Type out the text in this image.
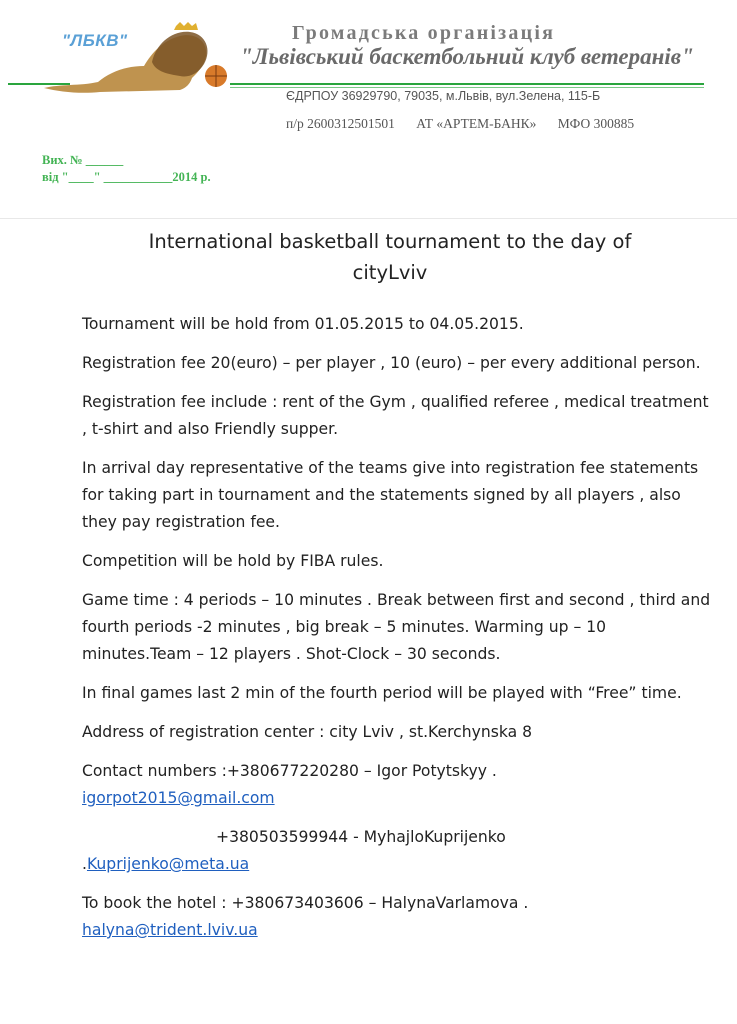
"ЛБКВ"	Громадська організація
"Львівський баскетбольний клуб ветеранів"
ЄДРПОУ 36929790, 79035, м.Львів, вул.Зелена, 115-Б
п/р 2600312501501 АТ «АРТЕМ-БАНК» МФО 300885
Вих. № ______
від "____" ___________2014 р.
International basketball tournament to the day of
cityLviv

Tournament will be hold from 01.05.2015 to 04.05.2015.

Registration fee 20(euro) – per player , 10 (euro) – per every additional person.

Registration fee include : rent of the Gym , qualified referee , medical treatment , t-shirt and also Friendly supper.

In arrival day representative of the teams give into registration fee statements for taking part in tournament and the statements signed by all players , also they pay registration fee.

Competition will be hold by FIBA rules.

Game time : 4 periods – 10 minutes . Break between first and second , third and fourth periods -2 minutes , big break – 5 minutes. Warming up – 10 minutes.Team – 12 players . Shot-Clock – 30 seconds.

In final games last 2 min of the fourth period will be played with “Free” time.

Address of registration center : city Lviv , st.Kerchynska 8

Contact numbers :+380677220280 – Igor Potytskyy .
igorpot2015@gmail.com

+380503599944 - MyhajloKuprijenko
.Kuprijenko@meta.ua

To book the hotel : +380673403606 – HalynaVarlamova .
halyna@trident.lviv.ua
